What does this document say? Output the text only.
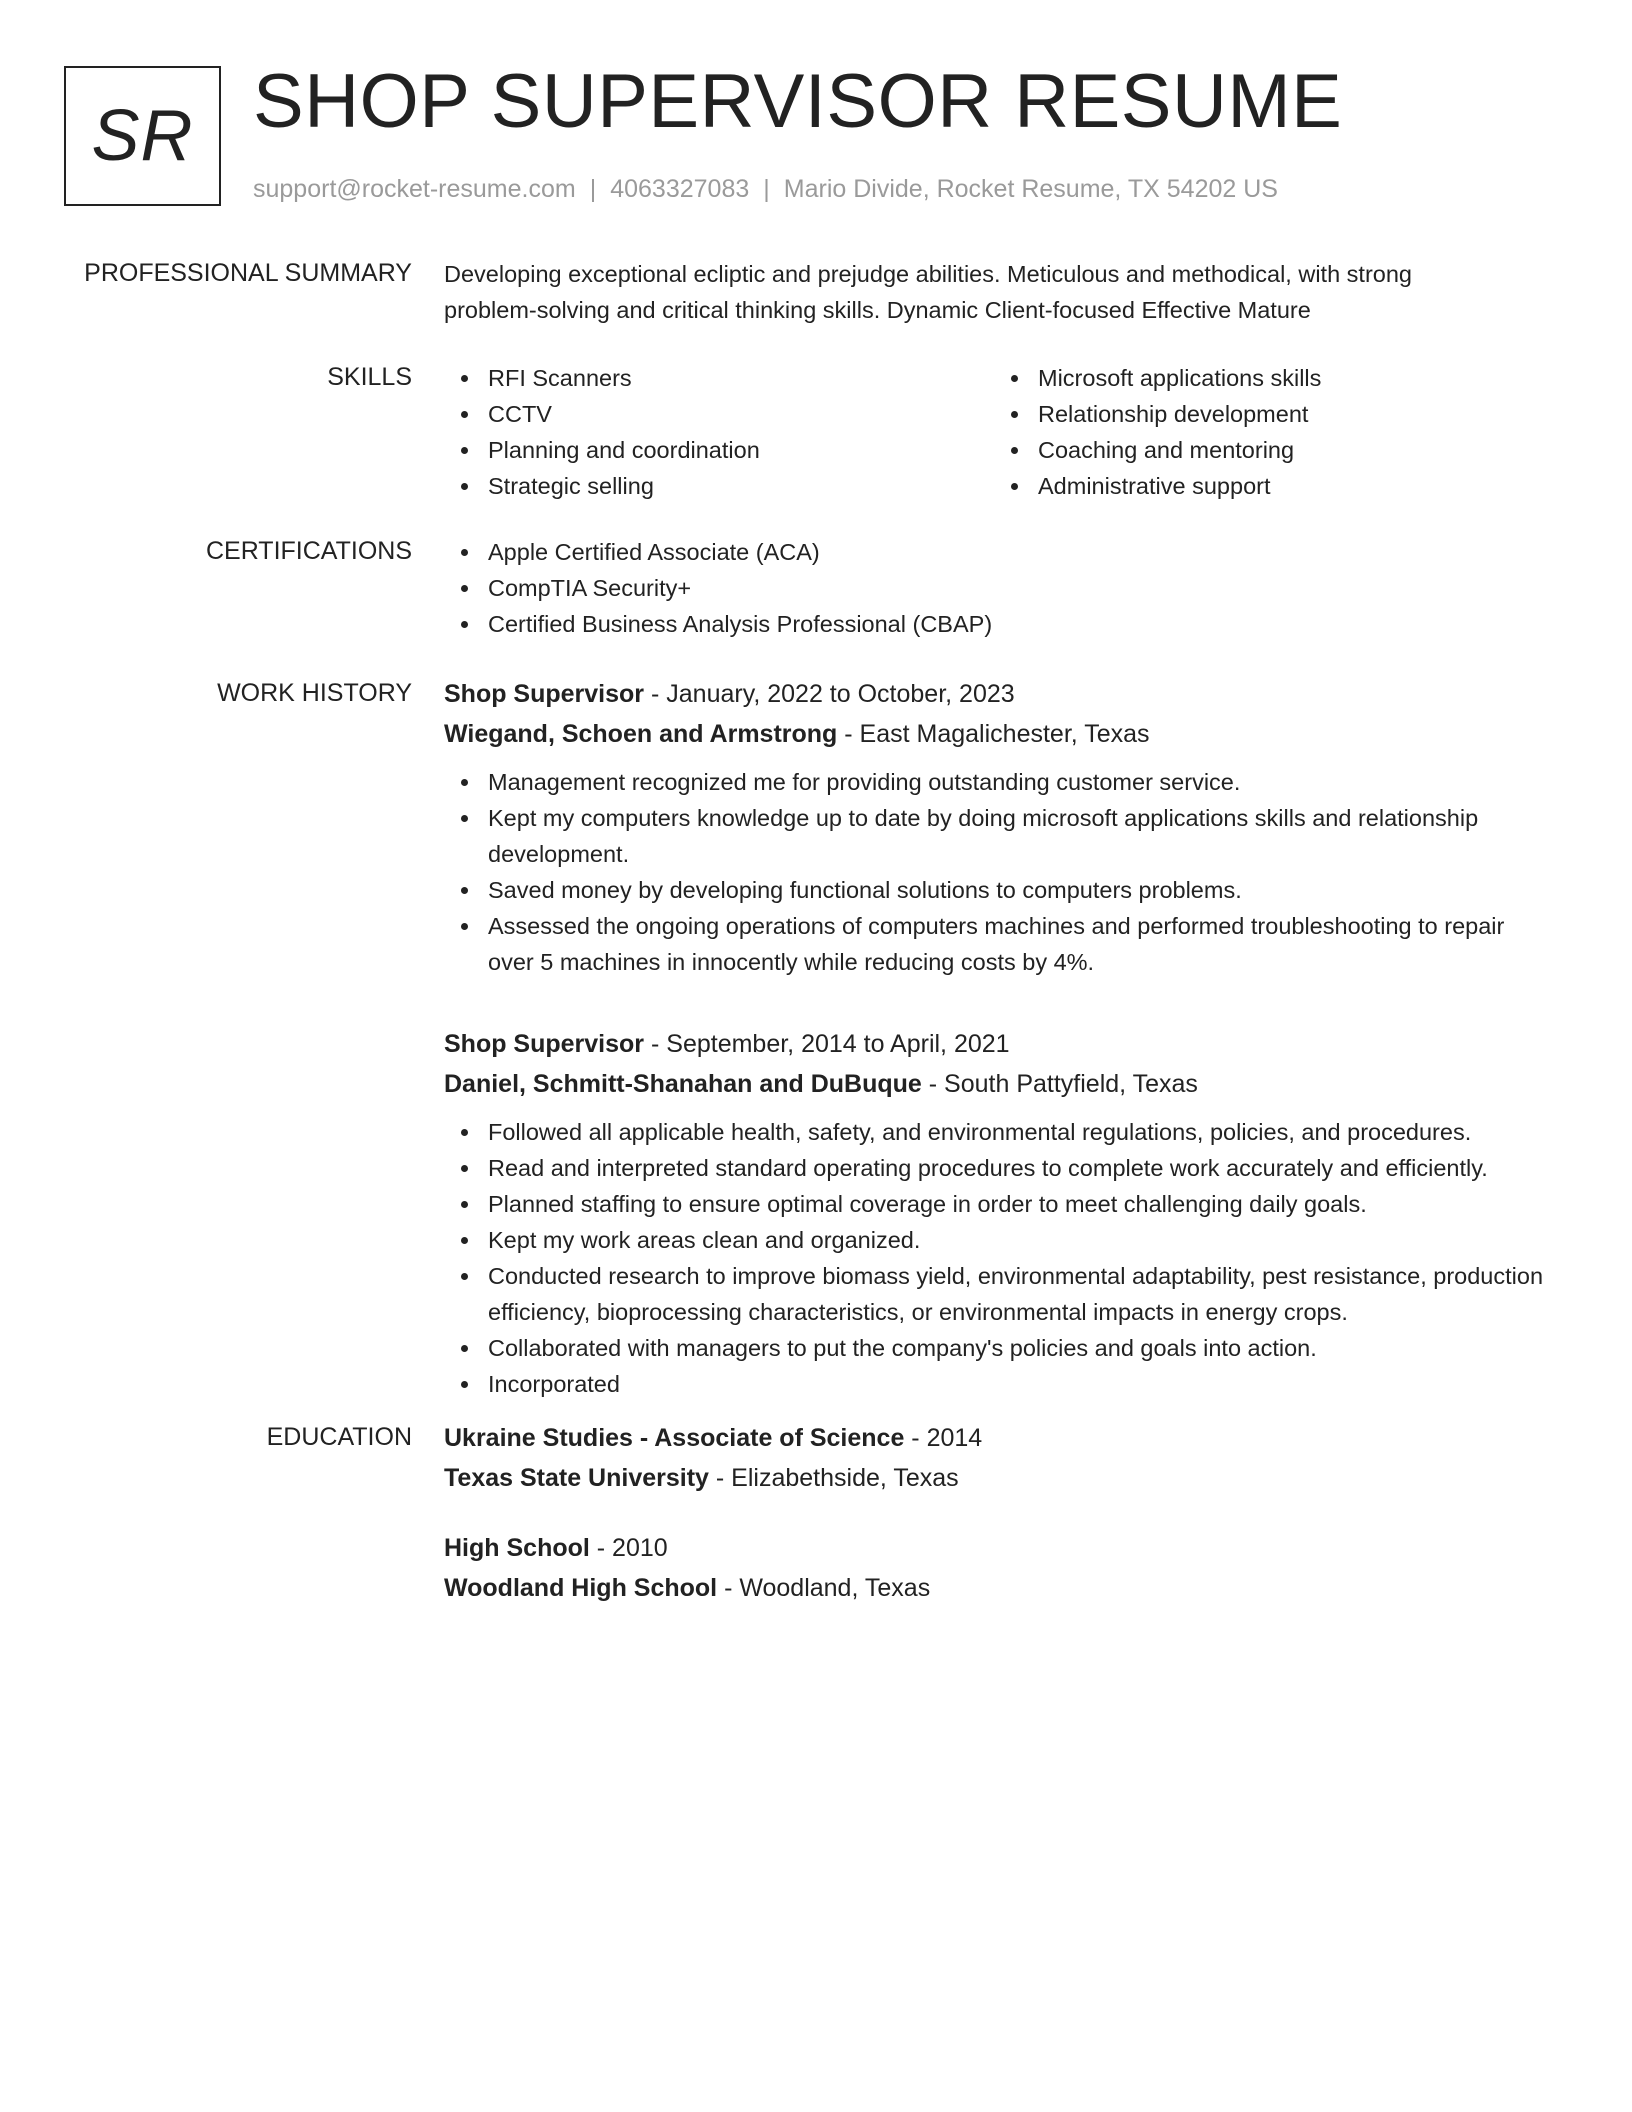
SR SHOP SUPERVISOR RESUME
support@rocket-resume.com | 4063327083 | Mario Divide, Rocket Resume, TX 54202 US
PROFESSIONAL SUMMARY Developing exceptional ecliptic and prejudge abilities. Meticulous and methodical, with strong

problem-solving and critical thinking skills. Dynamic Client-focused Effective Mature

SKILLS	RFI Scanners
CCTV
Planning and coordination
Strategic selling
Microsoft applications skills
Relationship development
Coaching and mentoring
Administrative support
CERTIFICATIONS	Apple Certified Associate (ACA)
CompTIA Security+
Certified Business Analysis Professional (CBAP)
WORK HISTORY Shop Supervisor - January, 2022 to October, 2023
Wiegand, Schoen and Armstrong - East Magalichester, Texas
Management recognized me for providing outstanding customer service.
Kept my computers knowledge up to date by doing microsoft applications skills and relationship development.
Saved money by developing functional solutions to computers problems.
Assessed the ongoing operations of computers machines and performed troubleshooting to repair over 5 machines in innocently while reducing costs by 4%.
Shop Supervisor - September, 2014 to April, 2021
Daniel, Schmitt-Shanahan and DuBuque - South Pattyfield, Texas
Followed all applicable health, safety, and environmental regulations, policies, and procedures.
Read and interpreted standard operating procedures to complete work accurately and efficiently.
Planned staffing to ensure optimal coverage in order to meet challenging daily goals.
Kept my work areas clean and organized.
Conducted research to improve biomass yield, environmental adaptability, pest resistance, production efficiency, bioprocessing characteristics, or environmental impacts in energy crops.
Collaborated with managers to put the company's policies and goals into action.
Incorporated
EDUCATION Ukraine Studies - Associate of Science - 2014
Texas State University - Elizabethside, Texas
High School - 2010
Woodland High School - Woodland, Texas
